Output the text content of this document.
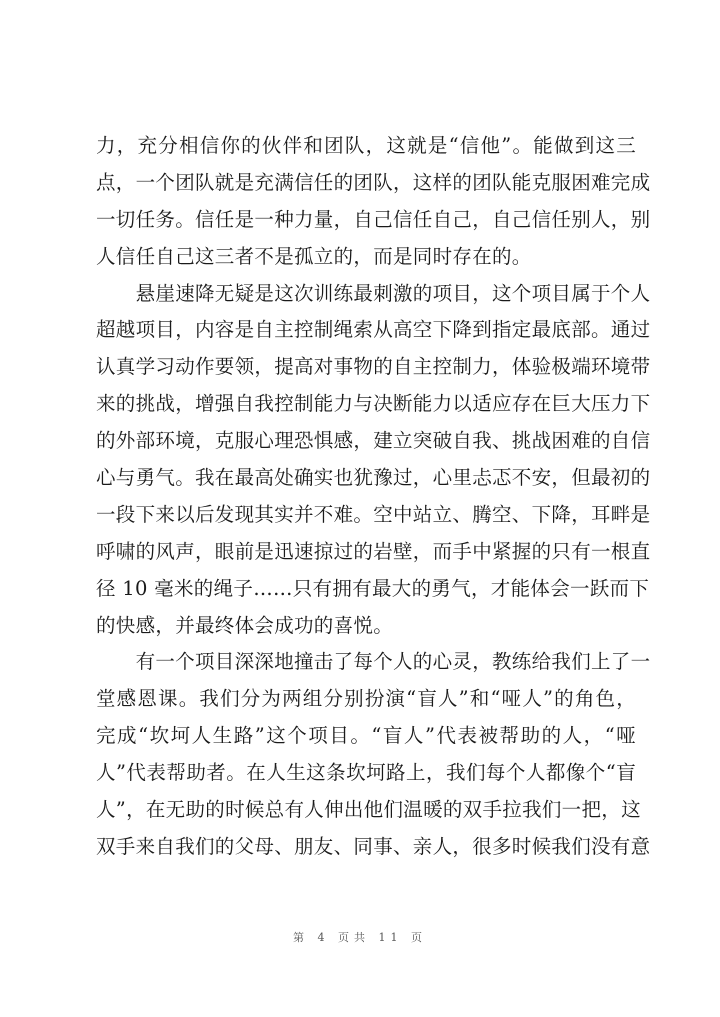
力，充分相信你的伙伴和团队，这就是“信他”。能做到这三
点，一个团队就是充满信任的团队，这样的团队能克服困难完成
一切任务。信任是一种力量，自己信任自己，自己信任别人，别
人信任自己这三者不是孤立的，而是同时存在的。
　　悬崖速降无疑是这次训练最刺激的项目，这个项目属于个人
超越项目，内容是自主控制绳索从高空下降到指定最底部。通过
认真学习动作要领，提高对事物的自主控制力，体验极端环境带
来的挑战，增强自我控制能力与决断能力以适应存在巨大压力下
的外部环境，克服心理恐惧感，建立突破自我、挑战困难的自信
心与勇气。我在最高处确实也犹豫过，心里忐忑不安，但最初的
一段下来以后发现其实并不难。空中站立、腾空、下降，耳畔是
呼啸的风声，眼前是迅速掠过的岩壁，而手中紧握的只有一根直
径 10 毫米的绳子……只有拥有最大的勇气，才能体会一跃而下
的快感，并最终体会成功的喜悦。
　　有一个项目深深地撞击了每个人的心灵，教练给我们上了一
堂感恩课。我们分为两组分别扮演“盲人”和“哑人”的角色，
完成“坎坷人生路”这个项目。“盲人”代表被帮助的人，“哑
人”代表帮助者。在人生这条坎坷路上，我们每个人都像个“盲
人”，在无助的时候总有人伸出他们温暖的双手拉我们一把，这
双手来自我们的父母、朋友、同事、亲人，很多时候我们没有意
第 4 页共 11 页
